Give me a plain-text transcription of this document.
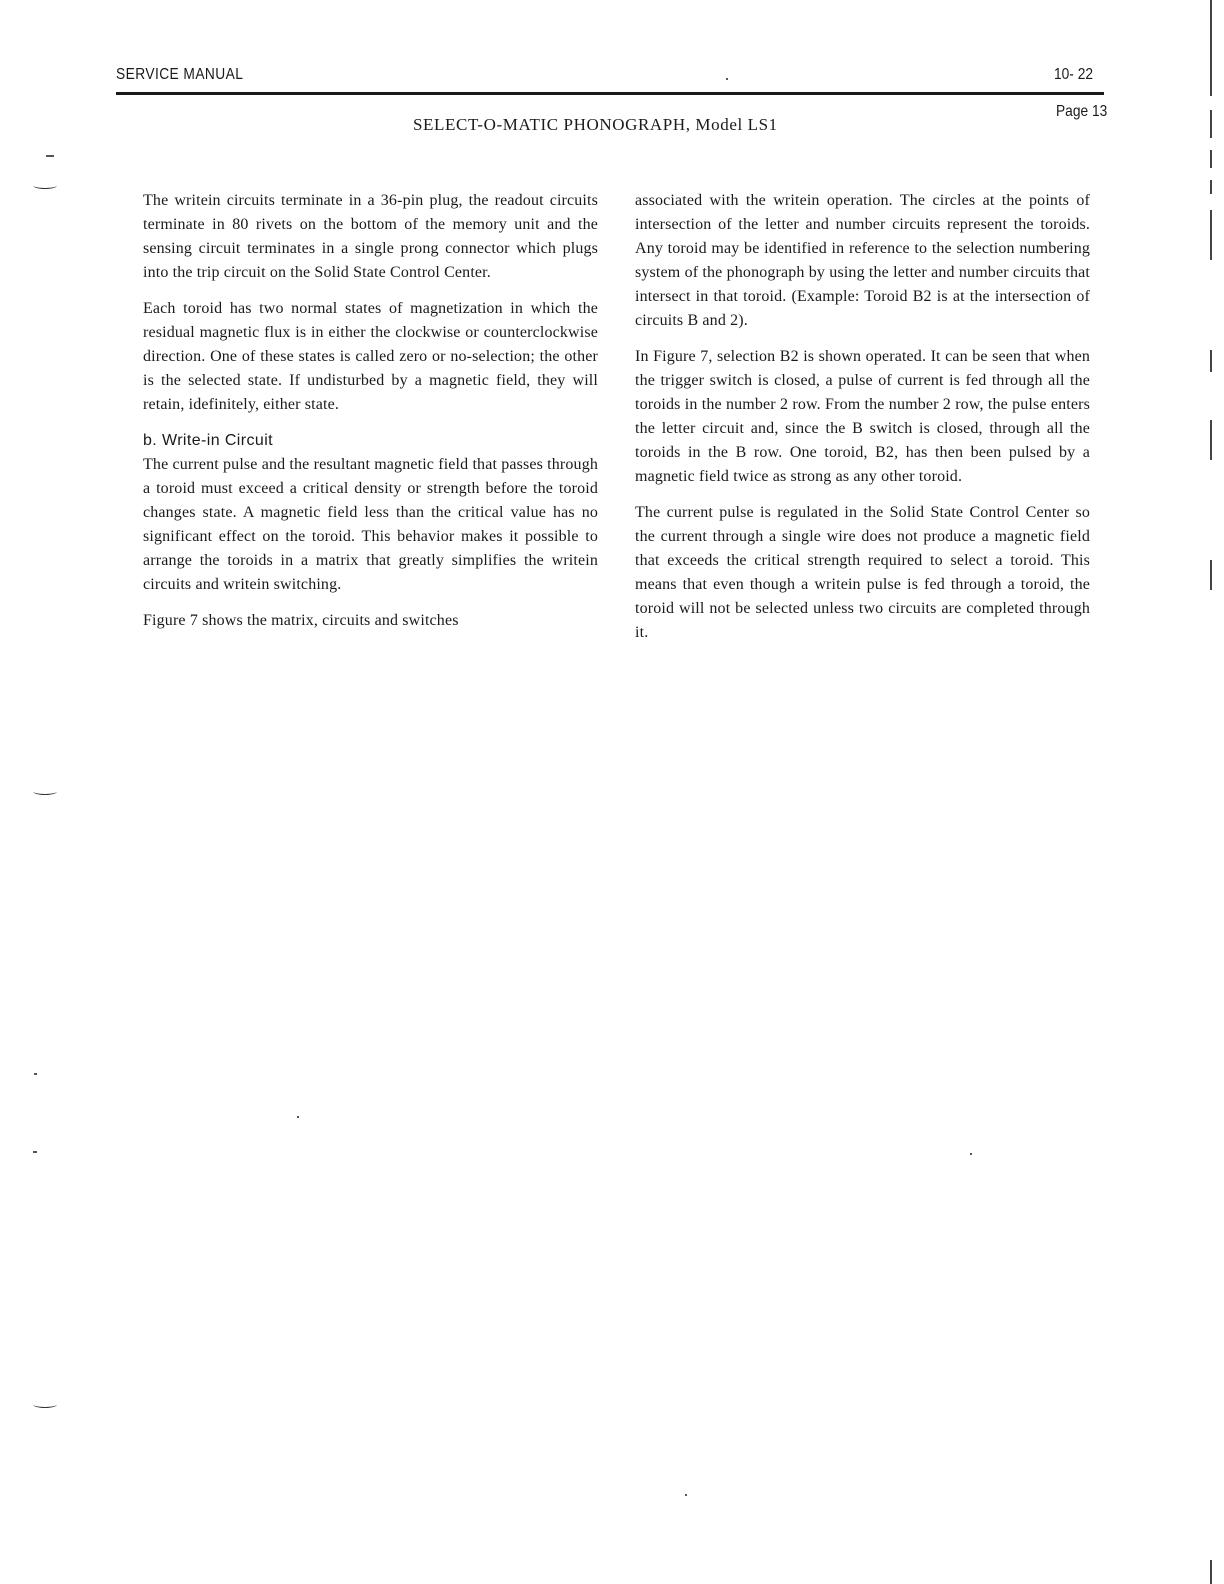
SERVICE MANUAL	10- 22
Page 13
SELECT-O-MATIC PHONOGRAPH, Model LS1

The writein circuits terminate in a 36-pin plug, the readout circuits terminate in 80 rivets on the bottom of the memory unit and the sensing circuit terminates in a single prong connector which plugs into the trip circuit on the Solid State Control Center.

Each toroid has two normal states of magnetization in which the residual magnetic flux is in either the clockwise or counterclockwise direction. One of these states is called zero or no-selection; the other is the selected state. If undisturbed by a magnetic field, they will retain, idefinitely, either state.

b. Write-in Circuit

The current pulse and the resultant magnetic field that passes through a toroid must exceed a critical density or strength before the toroid changes state. A magnetic field less than the critical value has no significant effect on the toroid. This behavior makes it possible to arrange the toroids in a matrix that greatly simplifies the writein circuits and writein switching.

Figure 7 shows the matrix, circuits and switches

associated with the writein operation. The circles at the points of intersection of the letter and number circuits represent the toroids. Any toroid may be identified in reference to the selection numbering system of the phonograph by using the letter and number circuits that intersect in that toroid. (Example: Toroid B2 is at the intersection of circuits B and 2).

In Figure 7, selection B2 is shown operated. It can be seen that when the trigger switch is closed, a pulse of current is fed through all the toroids in the number 2 row. From the number 2 row, the pulse enters the letter circuit and, since the B switch is closed, through all the toroids in the B row. One toroid, B2, has then been pulsed by a magnetic field twice as strong as any other toroid.

The current pulse is regulated in the Solid State Control Center so the current through a single wire does not produce a magnetic field that exceeds the critical strength required to select a toroid. This means that even though a writein pulse is fed through a toroid, the toroid will not be selected unless two circuits are completed through it.
